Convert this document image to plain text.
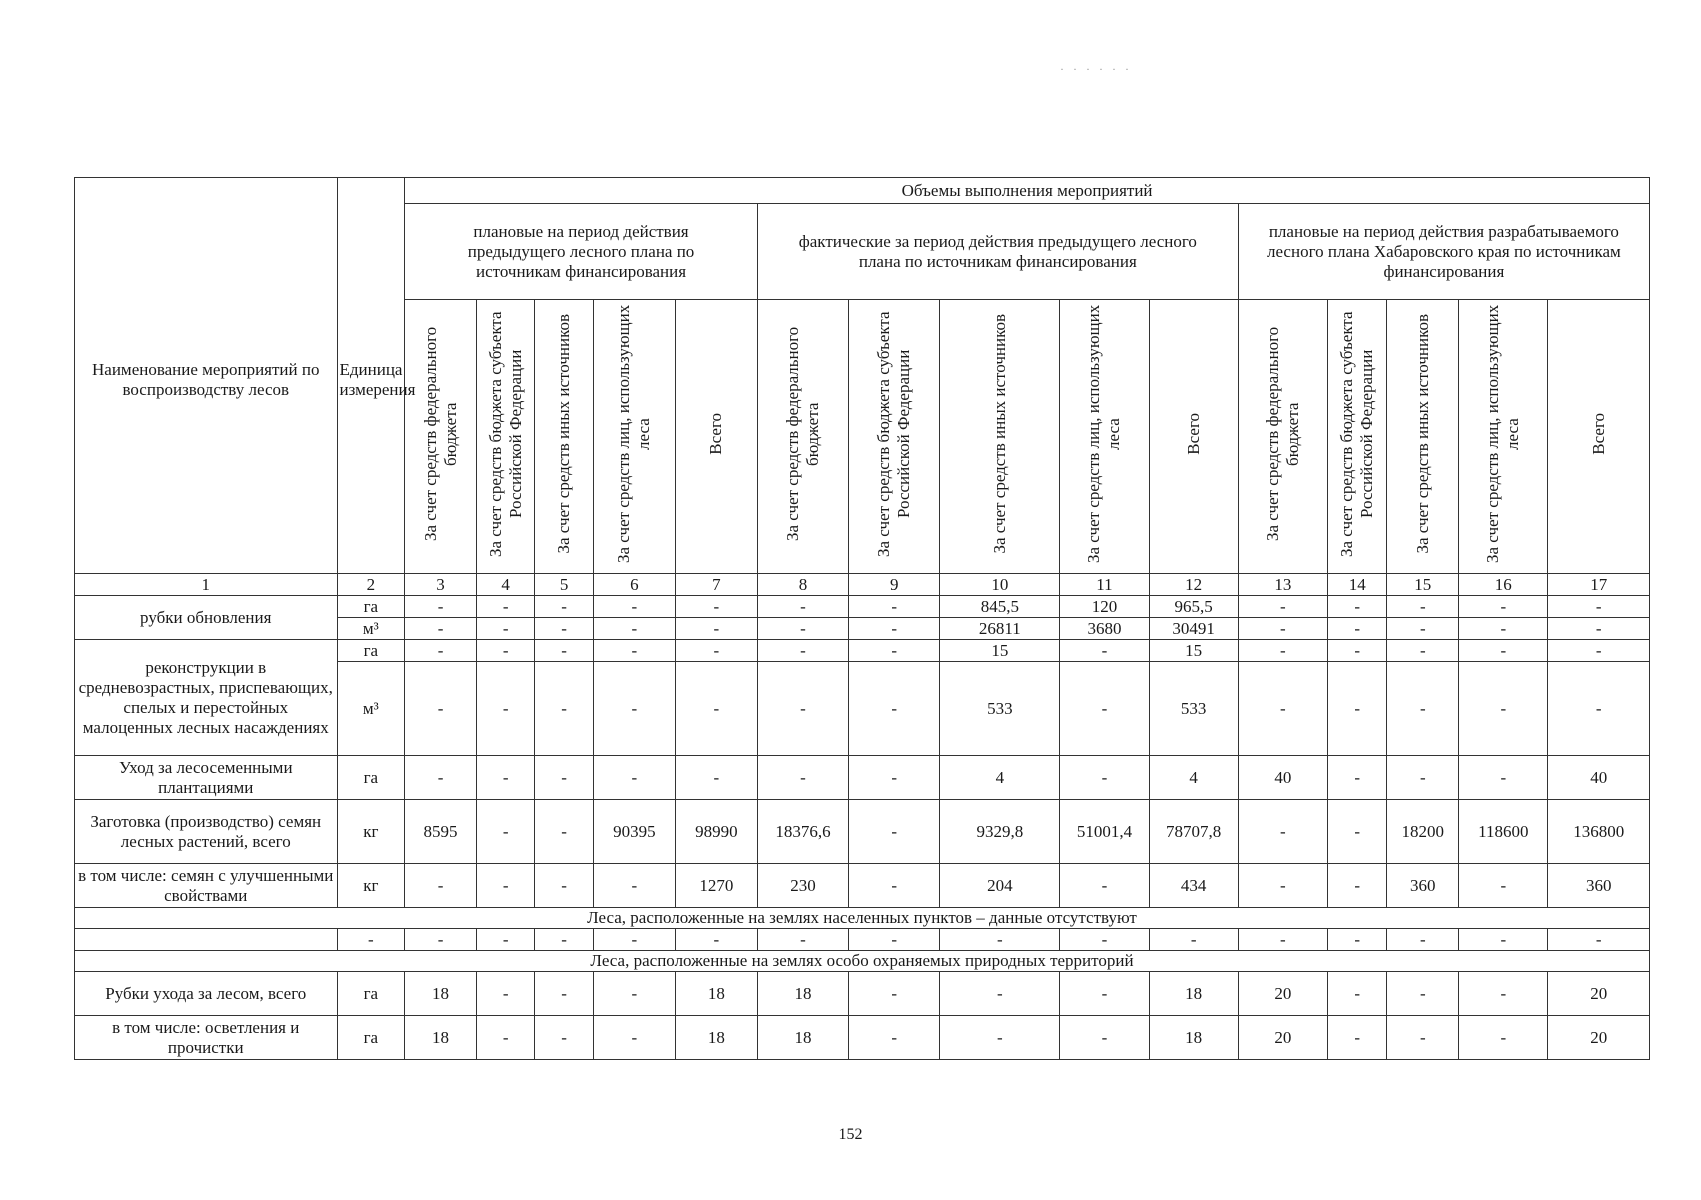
· · · · · ·
Наименование мероприятий по воспроизводству лесов	Единица измерения	Объемы выполнения мероприятий														
		плановые на период действия предыдущего лесного плана по источникам финансирования					фактические за период действия предыдущего лесного плана по источникам финансирования					плановые на период действия разрабатываемого лесного плана Хабаровского края по источникам финансирования				
		За счет средств федерального бюджета	За счет средств бюджета субъекта Российской Федерации	За счет средств иных источников	За счет средств лиц, использующих леса	Всего	За счет средств федерального бюджета	За счет средств бюджета субъекта Российской Федерации	За счет средств иных источников	За счет средств лиц, использующих леса	Всего	За счет средств федерального бюджета	За счет средств бюджета субъекта Российской Федерации	За счет средств иных источников	За счет средств лиц, использующих леса	Всего
1	2	3	4	5	6	7	8	9	10	11	12	13	14	15	16	17
рубки обновления	га	-	-	-	-	-	-	-	845,5	120	965,5	-	-	-	-	-
	м³	-	-	-	-	-	-	-	26811	3680	30491	-	-	-	-	-
реконструкции в средневозрастных, приспевающих, спелых и перестойных малоценных лесных насаждениях	га	-	-	-	-	-	-	-	15	-	15	-	-	-	-	-
	м³	-	-	-	-	-	-	-	533	-	533	-	-	-	-	-
Уход за лесосеменными плантациями	га	-	-	-	-	-	-	-	4	-	4	40	-	-	-	40
Заготовка (производство) семян лесных растений, всего	кг	8595	-	-	90395	98990	18376,6	-	9329,8	51001,4	78707,8	-	-	18200	118600	136800
в том числе: семян с улучшенными свойствами	кг	-	-	-	-	1270	230	-	204	-	434	-	-	360	-	360
Леса, расположенные на землях населенных пунктов – данные отсутствуют																
	-	-	-	-	-	-	-	-	-	-	-	-	-	-	-	-
Леса, расположенные на землях особо охраняемых природных территорий																
Рубки ухода за лесом, всего	га	18	-	-	-	18	18	-	-	-	18	20	-	-	-	20
в том числе: осветления и прочистки	га	18	-	-	-	18	18	-	-	-	18	20	-	-	-	20
152
